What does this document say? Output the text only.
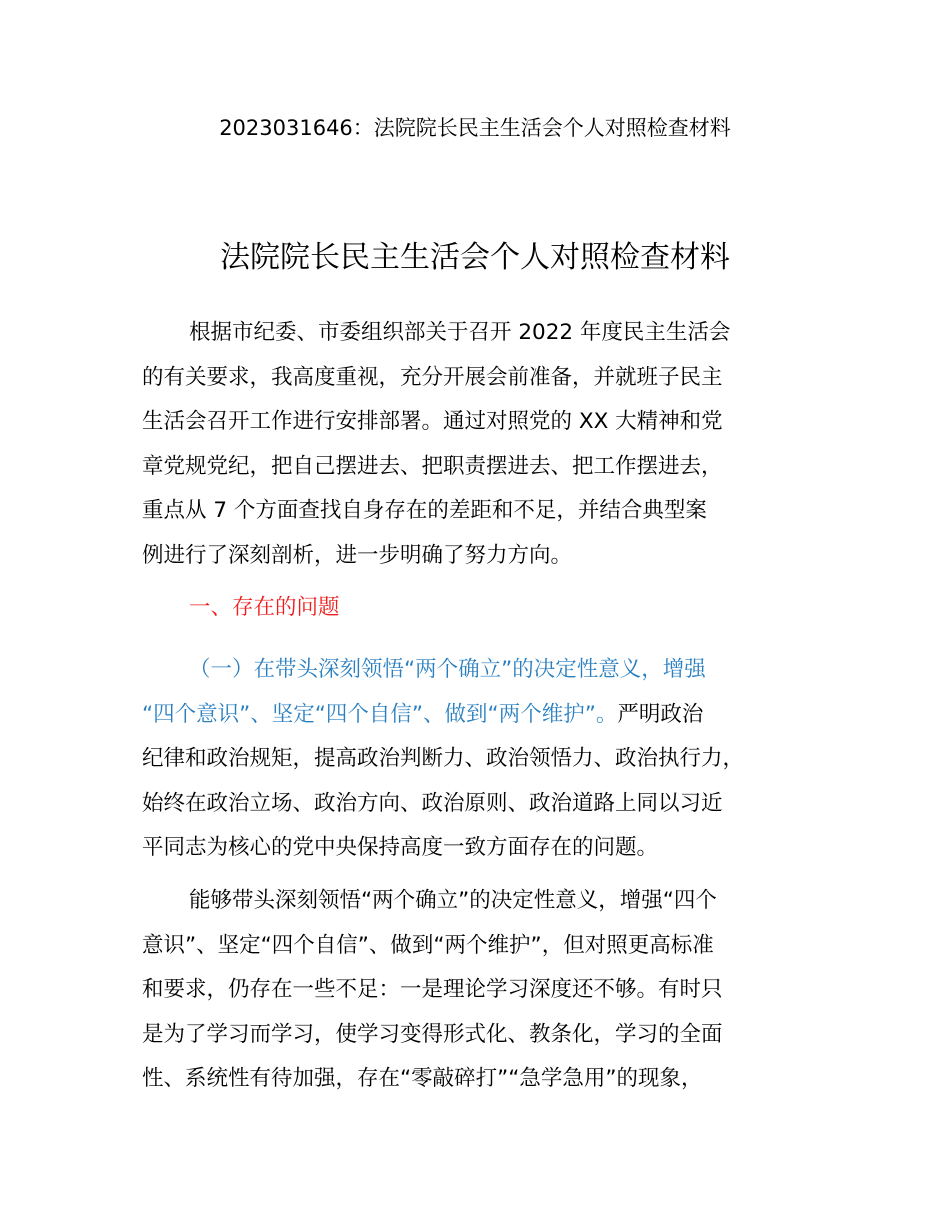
2023031646：法院院长民主生活会个人对照检查材料
法院院长民主生活会个人对照检查材料
根据市纪委、市委组织部关于召开 2022 年度民主生活会
的有关要求，我高度重视，充分开展会前准备，并就班子民主
生活会召开工作进行安排部署。通过对照党的 XX 大精神和党
章党规党纪，把自己摆进去、把职责摆进去、把工作摆进去，
重点从 7 个方面查找自身存在的差距和不足，并结合典型案
例进行了深刻剖析，进一步明确了努力方向。
一、存在的问题
（一）在带头深刻领悟“两个确立”的决定性意义，增强
“四个意识”、坚定“四个自信”、做到“两个维护”。严明政治
纪律和政治规矩，提高政治判断力、政治领悟力、政治执行力，
始终在政治立场、政治方向、政治原则、政治道路上同以习近
平同志为核心的党中央保持高度一致方面存在的问题。
能够带头深刻领悟“两个确立”的决定性意义，增强“四个
意识”、坚定“四个自信”、做到“两个维护”，但对照更高标准
和要求，仍存在一些不足：一是理论学习深度还不够。有时只
是为了学习而学习，使学习变得形式化、教条化，学习的全面
性、系统性有待加强，存在“零敲碎打”“急学急用”的现象，
